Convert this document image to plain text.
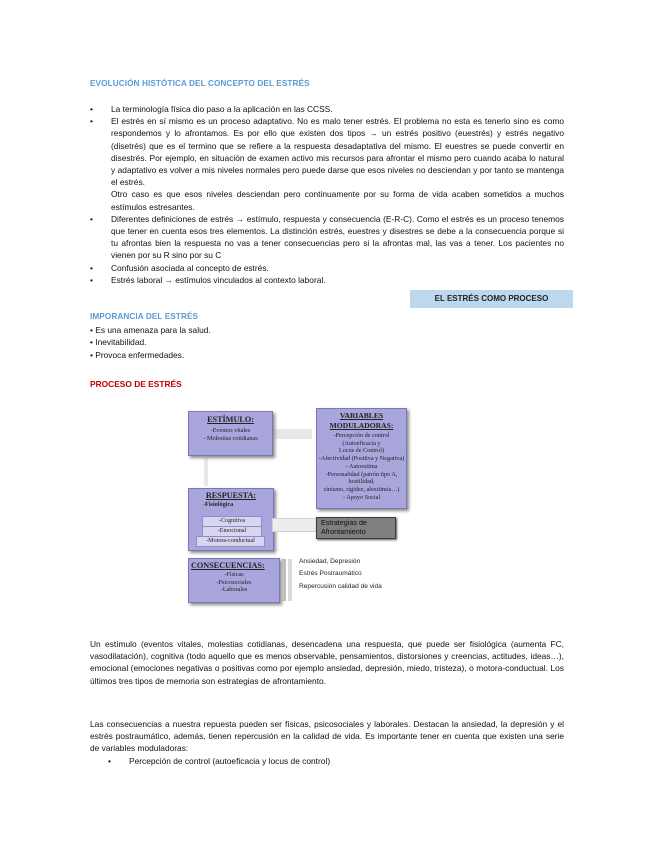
EVOLUCIÓN HISTÓTICA DEL CONCEPTO DEL ESTRÉS
• La terminología física dio paso a la aplicación en las CCSS.
• El estrés en sí mismo es un proceso adaptativo. No es malo tener estrés. El problema no esta es tenerlo sino es como respondemos y lo afrontamos. Es por ello que existen dos tipos → un estrés positivo (euestrés) y estrés negativo (disetrés) que es el termino que se refiere a la respuesta desadaptativa del mismo. El euestres se puede convertir en disestrés. Por ejemplo, en situación de examen activo mis recursos para afrontar el mismo pero cuando acaba lo natural y adaptativo es volver a mis niveles normales pero puede darse que esos niveles no desciendan y por tanto se mantenga el estrés.
Otro caso es que esos niveles desciendan pero continuamente por su forma de vida acaben sometidos a muchos estímulos estresantes.
• Diferentes definiciones de estrés → estímulo, respuesta y consecuencia (E-R-C). Como el estrés es un proceso tenemos que tener en cuenta esos tres elementos. La distinción estrés, euestres y disestres se debe a la consecuencia porque si tu afrontas bien la respuesta no vas a tener consecuencias pero si la afrontas mal, las vas a tener. Los pacientes no vienen por su R sino por su C
• Confusión asociada al concepto de estrés.
• Estrés laboral → estímulos vinculados al contexto laboral.
EL ESTRÉS COMO PROCESO
IMPORANCIA DEL ESTRÉS
• Es una amenaza para la salud.
• Inevitabilidad.
• Provoca enfermedades.
PROCESO DE ESTRÉS
ESTÍMULO:
-Eventos vitales
- Molestias cotidianas
VARIABLES MODULADORAS:
-Percepción de control (Autoeficacia y
Locus de Control)
-Afectividad (Positiva y Negativa)
- Autoestima
-Personalidad (patrón tipo A, hostilidad,
cinismo, rigidez, alexitimia…)
- Apoyo Social
RESPUESTA:
-Fisiológica
-Cognitiva
-Emocional
-Motora-conductual
Estrategias de
Afrontamiento
CONSECUENCIAS:
-Físicas
-Psicosociales
-Laborales
Ansiedad, Depresión
Estrés Postraumático
Repercusión calidad de vida
Un estímulo (eventos vitales, molestias cotidianas, desencadena una respuesta, que puede ser fisiológica (aumenta FC, vasodilatación), cognitiva (todo aquello que es menos observable, pensamientos, distorsiones y creencias, actitudes, ideas…), emocional (emociones negativas o positivas como por ejemplo ansiedad, depresión, miedo, tristeza), o motora-conductual. Los últimos tres tipos de memoria son estrategias de afrontamiento.
Las consecuencias a nuestra repuesta pueden ser físicas, psicosociales y laborales. Destacan la ansiedad, la depresión y el estrés postraumático, además, tienen repercusión en la calidad de vida. Es importante tener en cuenta que existen una serie de variables moduladoras:
• Percepción de control (autoeficacia y locus de control)
